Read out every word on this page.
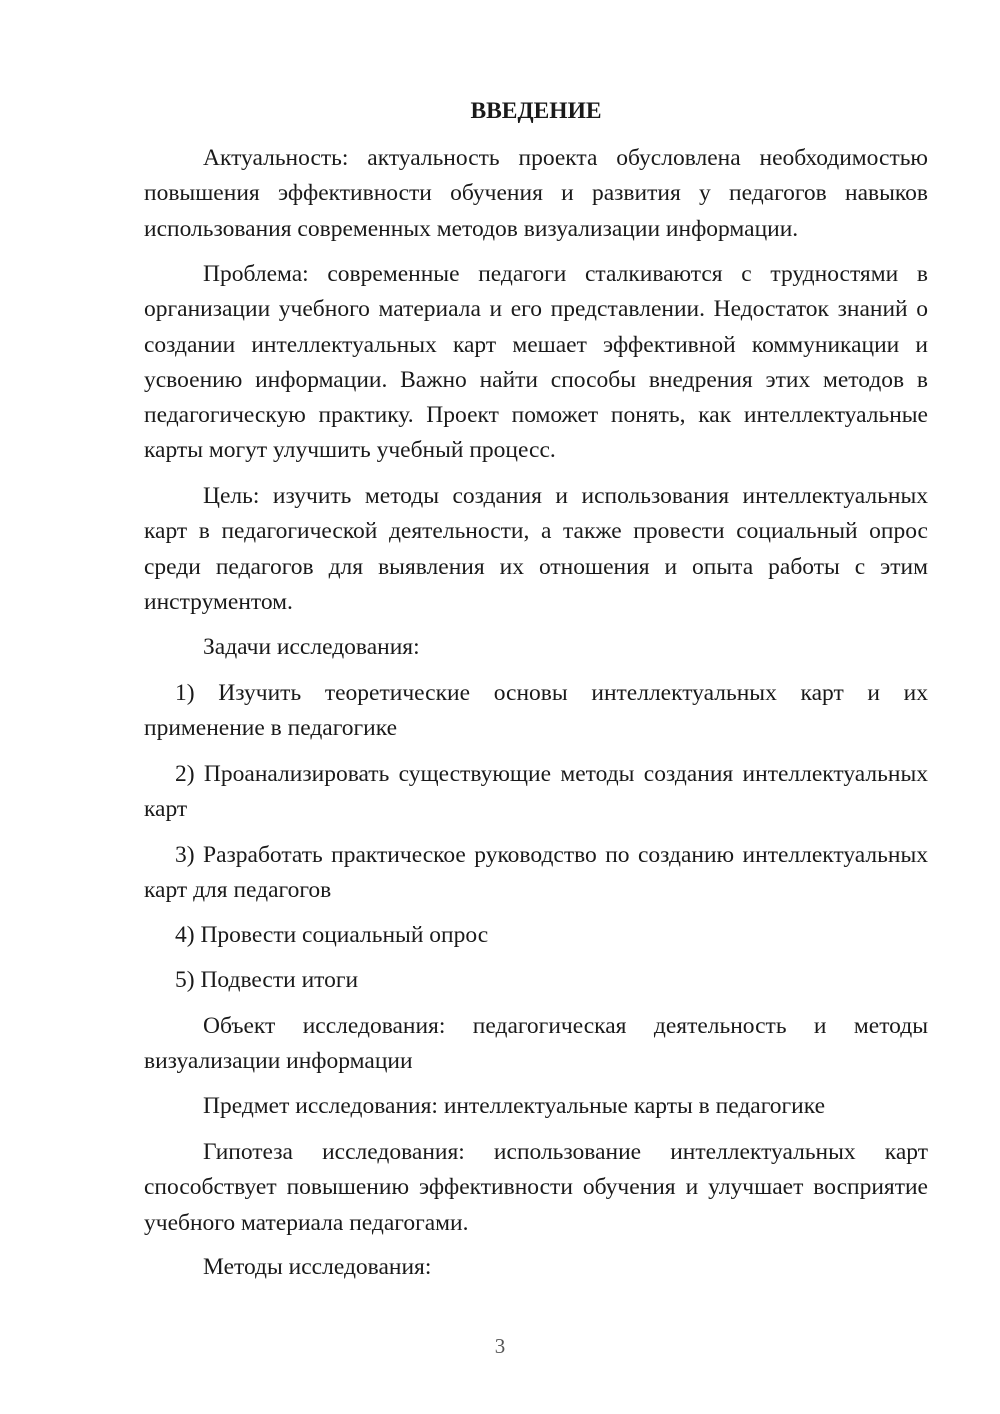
ВВЕДЕНИЕ

Актуальность: актуальность проекта обусловлена необходимостью повышения эффективности обучения и развития у педагогов навыков использования современных методов визуализации информации.

Проблема: современные педагоги сталкиваются с трудностями в организации учебного материала и его представлении. Недостаток знаний о создании интеллектуальных карт мешает эффективной коммуникации и усвоению информации. Важно найти способы внедрения этих методов в педагогическую практику. Проект поможет понять, как интеллектуальные карты могут улучшить учебный процесс.

Цель: изучить методы создания и использования интеллектуальных карт в педагогической деятельности, а также провести социальный опрос среди педагогов для выявления их отношения и опыта работы с этим инструментом.

Задачи исследования:

1) Изучить теоретические основы интеллектуальных карт и их применение в педагогике

2) Проанализировать существующие методы создания интеллектуальных карт

3) Разработать практическое руководство по созданию интеллектуальных карт для педагогов

4) Провести социальный опрос

5) Подвести итоги

Объект исследования: педагогическая деятельность и методы визуализации информации

Предмет исследования: интеллектуальные карты в педагогике

Гипотеза исследования: использование интеллектуальных карт способствует повышению эффективности обучения и улучшает восприятие учебного материала педагогами.

Методы исследования:

3
